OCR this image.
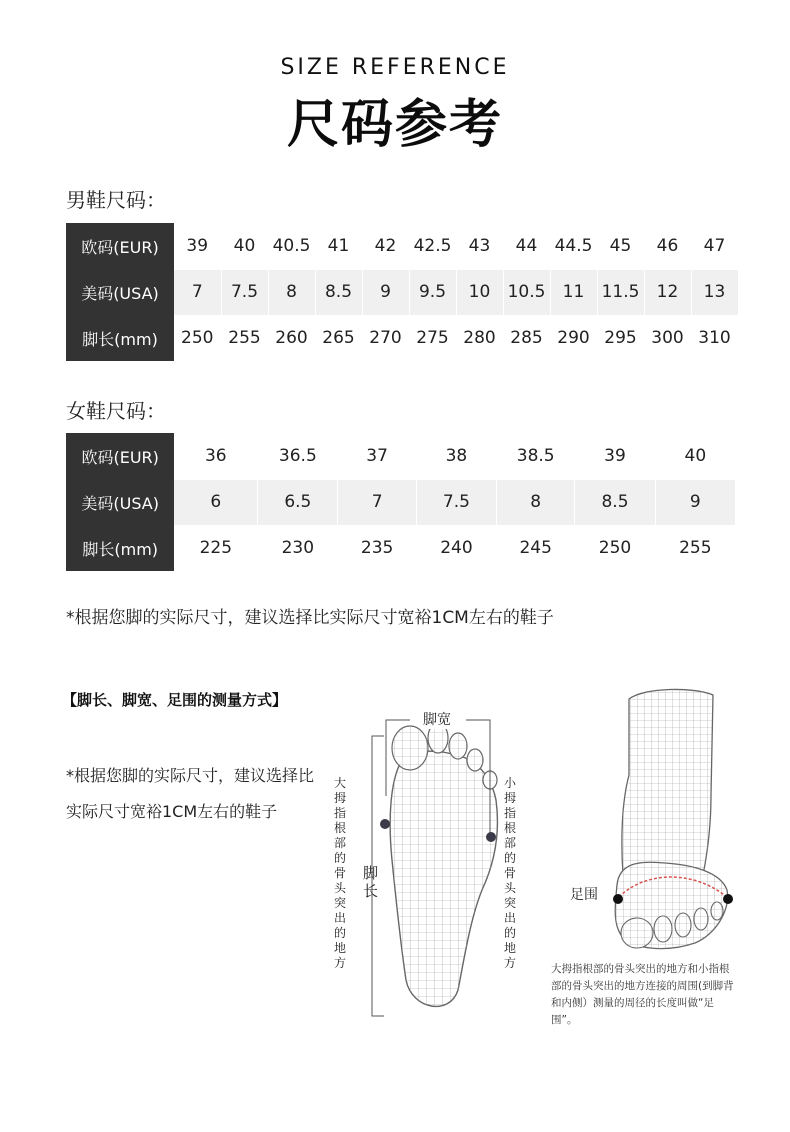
SIZE REFERENCE
尺码参考
男鞋尺码：
欧码(EUR)	39	40	40.5	41	42	42.5	43	44	44.5	45	46	47
美码(USA)	7	7.5	8	8.5	9	9.5	10	10.5	11	11.5	12	13
脚长(mm)	250	255	260	265	270	275	280	285	290	295	300	310
女鞋尺码：
欧码(EUR)	36	36.5	37	38	38.5	39	40
美码(USA)	6	6.5	7	7.5	8	8.5	9
脚长(mm)	225	230	235	240	245	250	255
*根据您脚的实际尺寸，建议选择比实际尺寸宽裕1CM左右的鞋子
【脚长、脚宽、足围的测量方式】
*根据您脚的实际尺寸，建议选择比实际尺寸宽裕1CM左右的鞋子
脚宽
脚长
大拇指根部的骨头突出的地方
小拇指根部的骨头突出的地方
足围
大拇指根部的骨头突出的地方和小指根部的骨头突出的地方连接的周围(到脚背和内侧）测量的周径的长度叫做“足围”。
